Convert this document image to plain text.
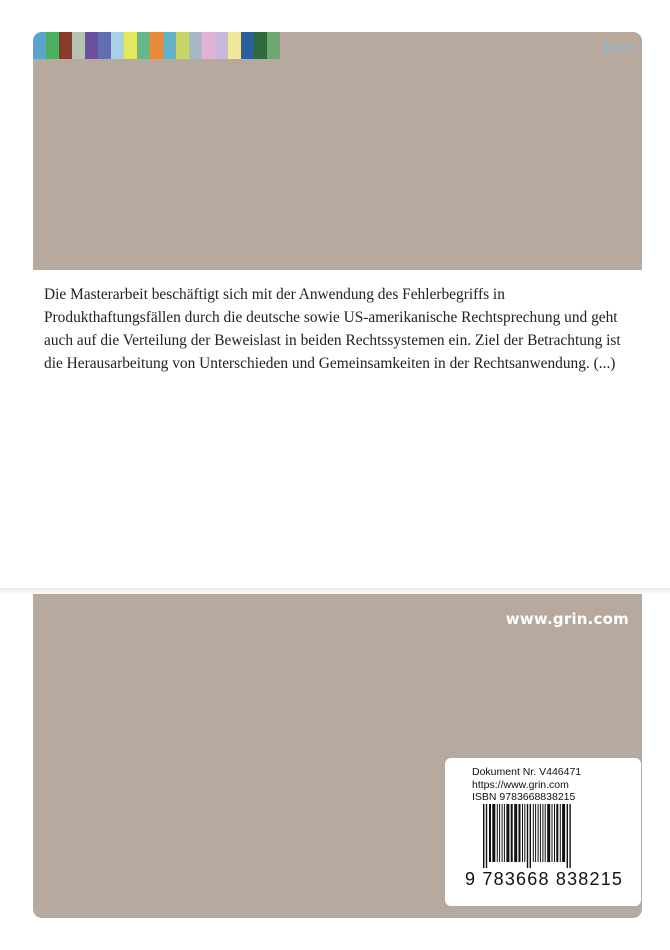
Jura

Die Masterarbeit beschäftigt sich mit der Anwendung des Fehlerbegriffs in Produkthaftungsfällen durch die deutsche sowie US-amerikanische Rechtsprechung und geht auch auf die Verteilung der Beweislast in beiden Rechtssystemen ein. Ziel der Betrachtung ist die Herausarbeitung von Unterschieden und Gemeinsamkeiten in der Rechtsanwendung. (...)

www.grin.com
Dokument Nr. V446471
https://www.grin.com
ISBN 9783668838215
9 783668 838215
